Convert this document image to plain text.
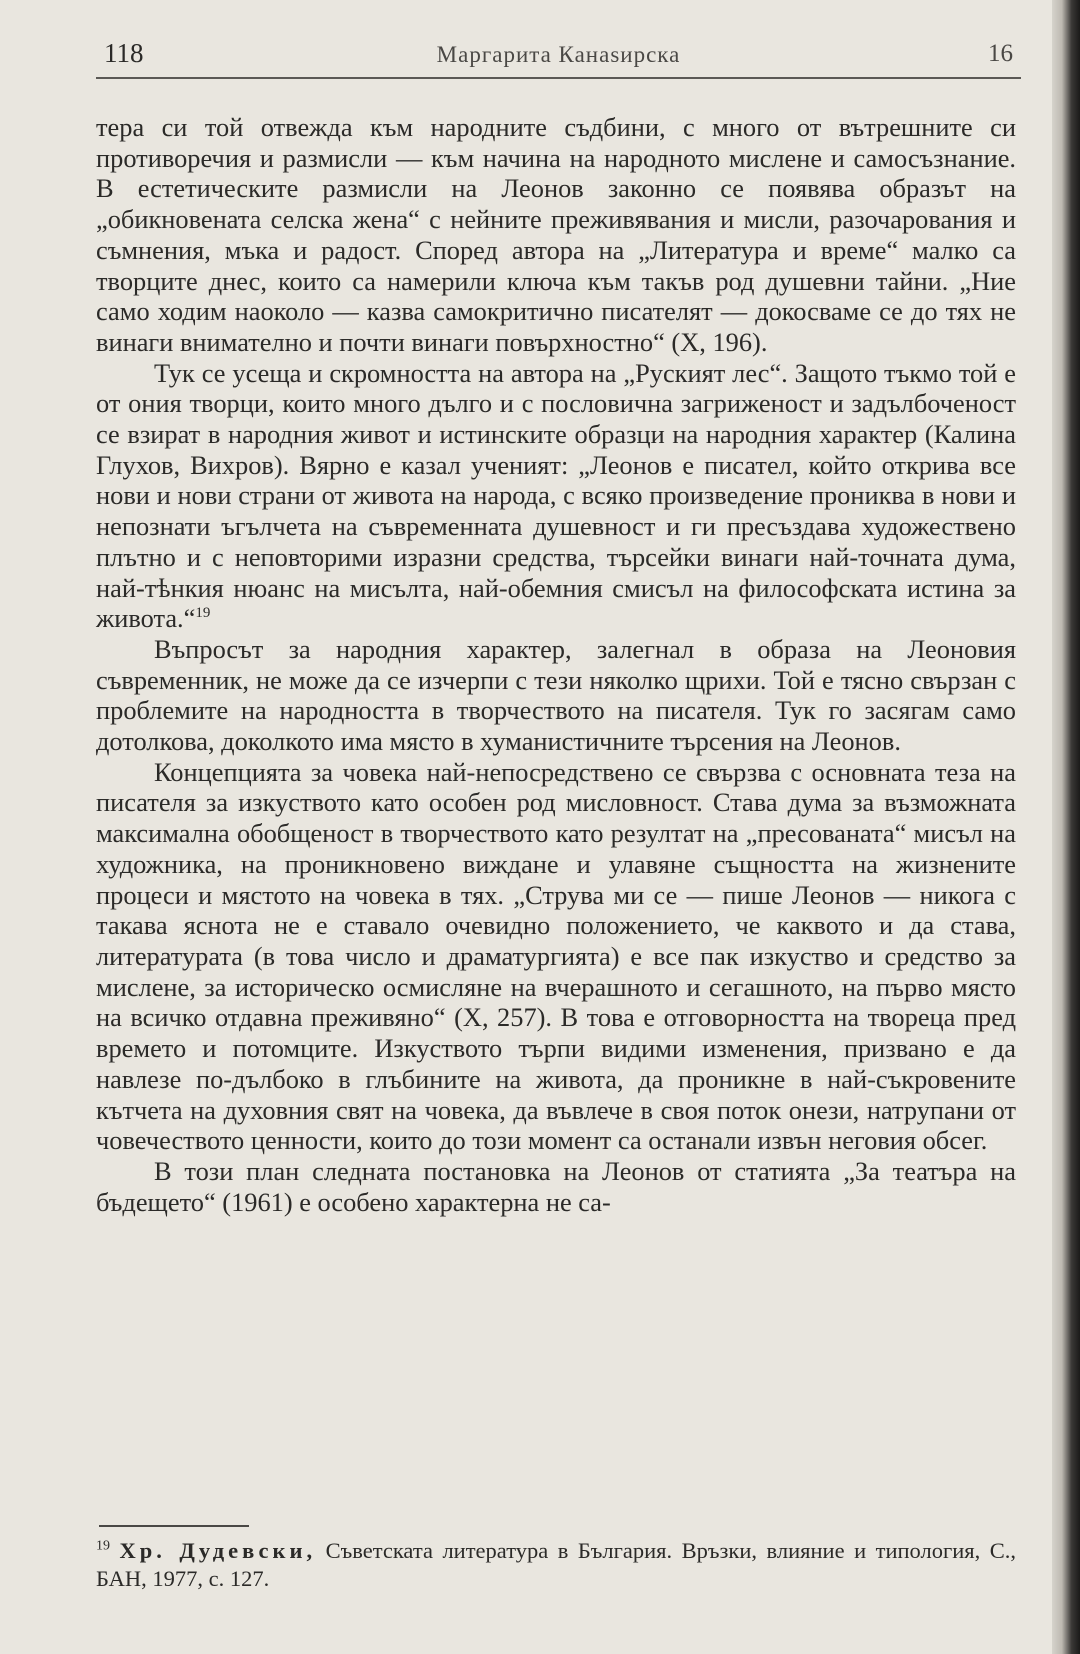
118	Маргарита Канаѕирска	16

тера си той отвежда към народните съдбини, с много от вътрешните си противоречия и размисли — към начина на народното мислене и самосъзнание. В естетическите размисли на Леонов законно се появява образът на „обикновената селска жена“ с нейните преживявания и мисли, разочарования и съмнения, мъка и радост. Според автора на „Литература и време“ малко са творците днес, които са намерили ключа към такъв род душевни тайни. „Ние само ходим наоколо — казва самокритично писателят — докосваме се до тях не винаги внимателно и почти винаги повърхностно“ (Х, 196).

Тук се усеща и скромността на автора на „Руският лес“. Защото тъкмо той е от ония творци, които много дълго и с пословична загриженост и задълбоченост се взират в народния живот и истинските образци на народния характер (Калина Глухов, Вихров). Вярно е казал ученият: „Леонов е писател, който открива все нови и нови страни от живота на народа, с всяко произведение прониква в нови и непознати ъгълчета на съвременната душевност и ги пресъздава художествено плътно и с неповторими изразни средства, търсейки винаги най-точната дума, най-тѣнкия нюанс на мисълта, най-обемния смисъл на философската истина за живота.“$^{19}$

Въпросът за народния характер, залегнал в образа на Леоновия съвременник, не може да се изчерпи с тези няколко щрихи. Той е тясно свързан с проблемите на народността в творчеството на писателя. Тук го засягам само дотолкова, доколкото има място в хуманистичните търсения на Леонов.

Концепцията за човека най-непосредствено се свързва с основната теза на писателя за изкуството като особен род мисловност. Става дума за възможната максимална обобщеност в творчеството като резултат на „пресованата“ мисъл на художника, на проникновено виждане и улавяне същността на жизнените процеси и мястото на човека в тях. „Струва ми се — пише Леонов — никога с такава яснота не е ставало очевидно положението, че каквото и да става, литературата (в това число и драматургията) е все пак изкуство и средство за мислене, за историческо осмисляне на вчерашното и сегашното, на първо място на всичко отдавна преживяно“ (Х, 257). В това е отговорността на твореца пред времето и потомците. Изкуството търпи видими изменения, призвано е да навлезе по-дълбоко в глъбините на живота, да проникне в най-съкровените кътчета на духовния свят на човека, да въвлече в своя поток онези, натрупани от човечеството ценности, които до този момент са останали извън неговия обсег.

В този план следната постановка на Леонов от статията „За театъра на бъдещето“ (1961) е особено характерна не са-

$^{19}$ Хр. Дудевски, Съветската литература в България. Връзки, влияние и типология, С., БАН, 1977, с. 127.
